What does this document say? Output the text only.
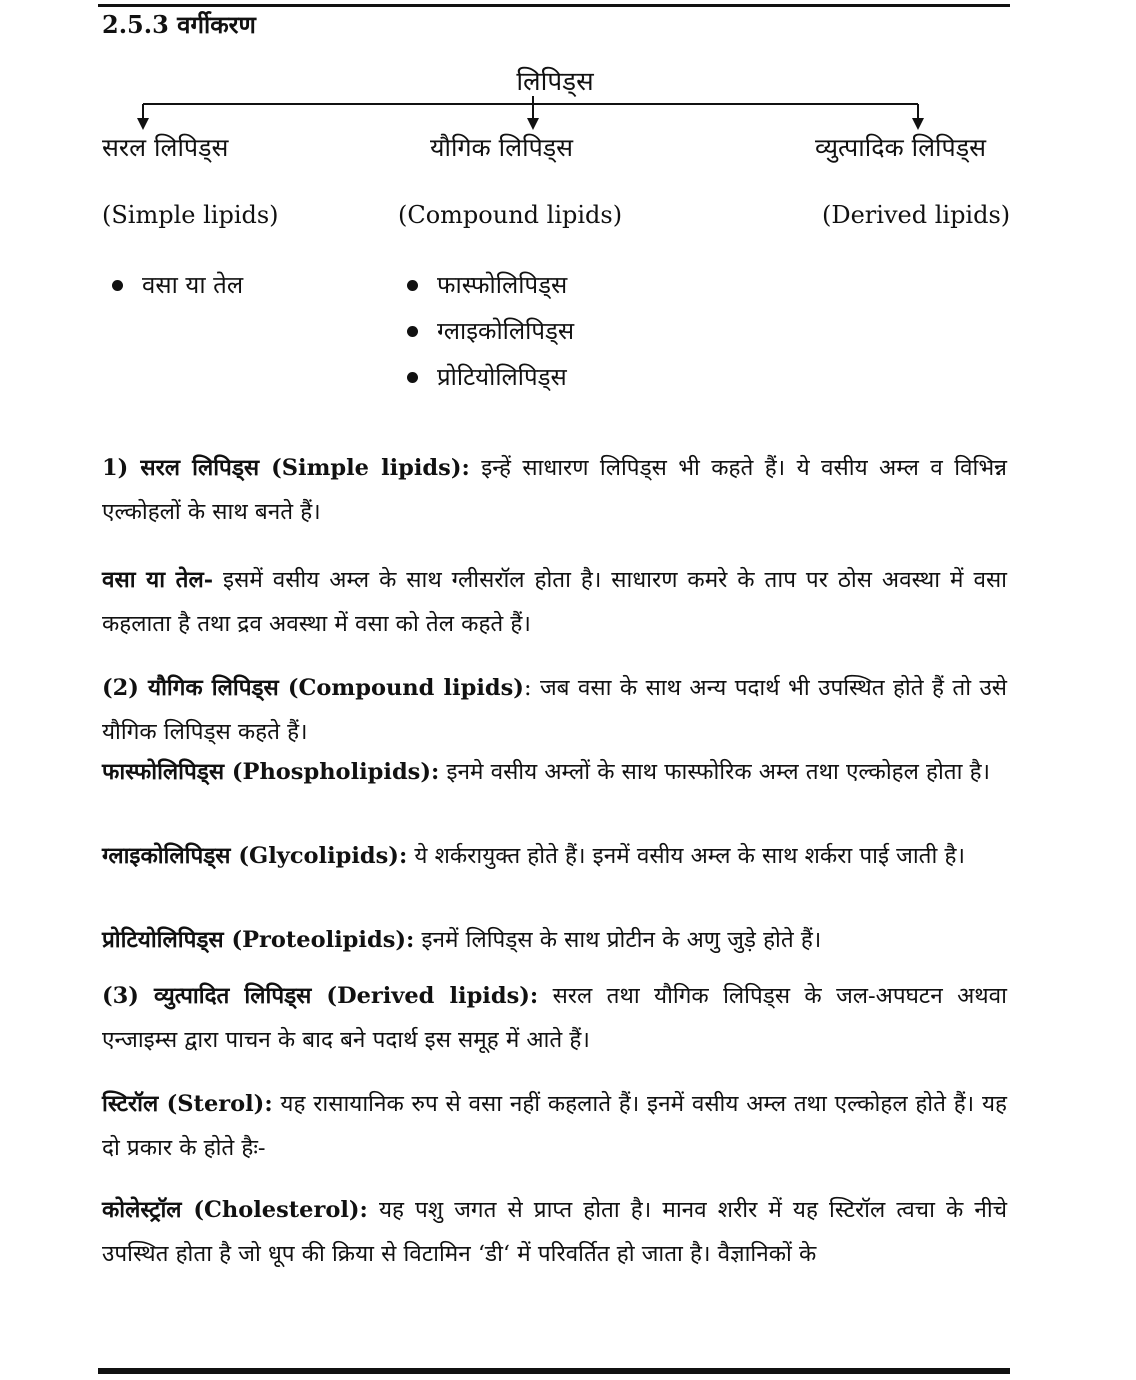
2.5.3 वर्गीकरण
लिपिड्स
सरल लिपिड्स	यौगिक लिपिड्स	व्युत्पादिक लिपिड्स
(Simple lipids)	(Compound lipids)	(Derived lipids)
वसा या तेल	फास्फोलिपिड्स
ग्लाइकोलिपिड्स
प्रोटियोलिपिड्स

1) सरल लिपिड्स (Simple lipids): इन्हें साधारण लिपिड्स भी कहते हैं। ये वसीय अम्ल व विभिन्न एल्कोहलों के साथ बनते हैं।

वसा या तेल- इसमें वसीय अम्ल के साथ ग्लीसरॉल होता है। साधारण कमरे के ताप पर ठोस अवस्था में वसा कहलाता है तथा द्रव अवस्था में वसा को तेल कहते हैं।

(2) यौगिक लिपिड्स (Compound lipids): जब वसा के साथ अन्य पदार्थ भी उपस्थित होते हैं तो उसे यौगिक लिपिड्स कहते हैं।

फास्फोलिपिड्स (Phospholipids): इनमे वसीय अम्लों के साथ फास्फोरिक अम्ल तथा एल्कोहल होता है।

ग्लाइकोलिपिड्स (Glycolipids): ये शर्करायुक्त होते हैं। इनमें वसीय अम्ल के साथ शर्करा पाई जाती है।

प्रोटियोलिपिड्स (Proteolipids): इनमें लिपिड्स के साथ प्रोटीन के अणु जुड़े होते हैं।

(3) व्युत्पादित लिपिड्स (Derived lipids): सरल तथा यौगिक लिपिड्स के जल-अपघटन अथवा एन्जाइम्स द्वारा पाचन के बाद बने पदार्थ इस समूह में आते हैं।

स्टिरॉल (Sterol): यह रासायानिक रुप से वसा नहीं कहलाते हैं। इनमें वसीय अम्ल तथा एल्कोहल होते हैं। यह दो प्रकार के होते हैः-

कोलेस्ट्रॉल (Cholesterol): यह पशु जगत से प्राप्त होता है। मानव शरीर में यह स्टिरॉल त्वचा के नीचे उपस्थित होता है जो धूप की क्रिया से विटामिन ‘डी‘ में परिवर्तित हो जाता है। वैज्ञानिकों के
